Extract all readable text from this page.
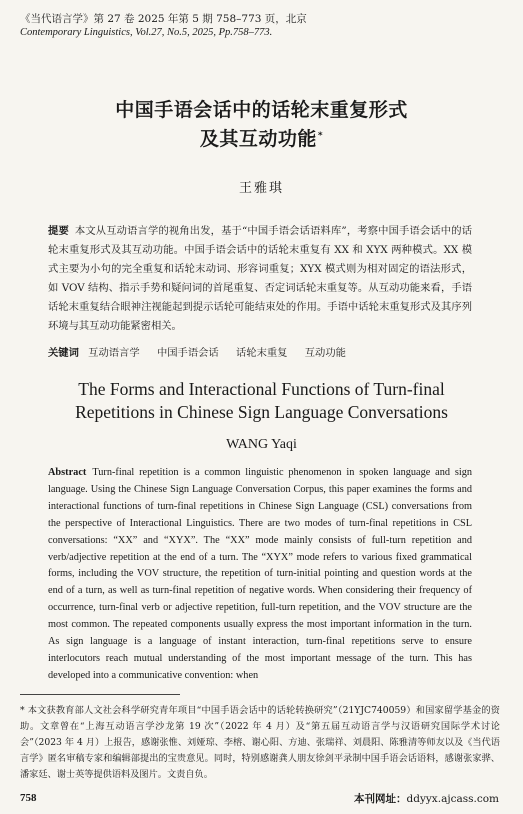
《当代语言学》第 27 卷 2025 年第 5 期 758–773 页，北京
Contemporary Linguistics, Vol.27, No.5, 2025, Pp.758–773.
中国手语会话中的话轮末重复形式
及其互动功能*
王雅琪
提要 本文从互动语言学的视角出发，基于“中国手语会话语料库”，考察中国手语会话中的话轮末重复形式及其互动功能。中国手语会话中的话轮末重复有 XX 和 XYX 两种模式。XX 模式主要为小句的完全重复和话轮末动词、形容词重复；XYX 模式则为相对固定的语法形式，如 VOV 结构、指示手势和疑问词的首尾重复、否定词话轮末重复等。从互动功能来看，手语话轮末重复结合眼神注视能起到提示话轮可能结束处的作用。手语中话轮末重复形式及其序列环境与其互动功能紧密相关。
关键词 互动语言学 中国手语会话 话轮末重复 互动功能
The Forms and Interactional Functions of Turn-final
Repetitions in Chinese Sign Language Conversations
WANG Yaqi
Abstract Turn-final repetition is a common linguistic phenomenon in spoken language and sign language. Using the Chinese Sign Language Conversation Corpus, this paper examines the forms and interactional functions of turn-final repetitions in Chinese Sign Language (CSL) conversations from the perspective of Interactional Linguistics. There are two modes of turn-final repetitions in CSL conversations: “XX” and “XYX”. The “XX” mode mainly consists of full-turn repetition and verb/adjective repetition at the end of a turn. The “XYX” mode refers to various fixed grammatical forms, including the VOV structure, the repetition of turn-initial pointing and question words at the end of a turn, as well as turn-final repetition of negative words. When considering their frequency of occurrence, turn-final verb or adjective repetition, full-turn repetition, and the VOV structure are the most common. The repeated components usually express the most important information in the turn. As sign language is a language of instant interaction, turn-final repetitions serve to ensure interlocutors reach mutual understanding of the most important message of the turn. This has developed into a communicative convention: when
* 本文获教育部人文社会科学研究青年项目“中国手语会话中的话轮转换研究”（21YJC740059）和国家留学基金的资助。文章曾在“上海互动语言学沙龙第 19 次”（2022 年 4 月）及“第五届互动语言学与汉语研究国际学术讨论会”（2023 年 4 月）上报告，感谢张惟、刘娅琼、李榕、谢心阳、方迪、张瑞祥、刘晨阳、陈雅清等师友以及《当代语言学》匿名审稿专家和编辑部提出的宝贵意见。同时，特别感谢龚人朋友徐剑平录制中国手语会话语料，感谢张家骅、潘家廷、谢士英等提供语料及图片。文责自负。
758	本刊网址：ddyyx.ajcass.com
